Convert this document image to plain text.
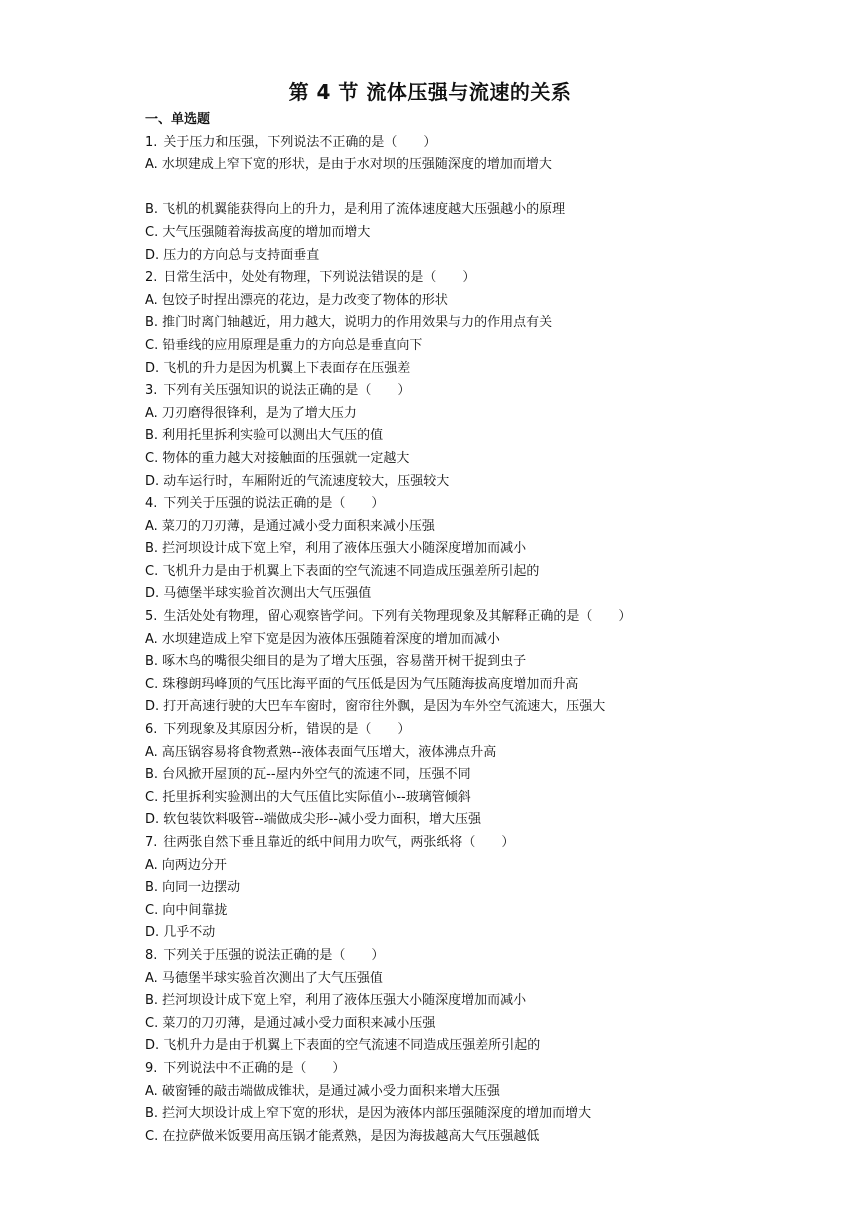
第 4 节 流体压强与流速的关系
一、单选题
1. 关于压力和压强，下列说法不正确的是（　　）
A. 水坝建成上窄下宽的形状，是由于水对坝的压强随深度的增加而增大
B. 飞机的机翼能获得向上的升力，是利用了流体速度越大压强越小的原理
C. 大气压强随着海拔高度的增加而增大
D. 压力的方向总与支持面垂直
2. 日常生活中，处处有物理，下列说法错误的是（　　）
A. 包饺子时捏出漂亮的花边，是力改变了物体的形状
B. 推门时离门轴越近，用力越大，说明力的作用效果与力的作用点有关
C. 铅垂线的应用原理是重力的方向总是垂直向下
D. 飞机的升力是因为机翼上下表面存在压强差
3. 下列有关压强知识的说法正确的是（　　）
A. 刀刃磨得很锋利，是为了增大压力
B. 利用托里拆利实验可以测出大气压的值
C. 物体的重力越大对接触面的压强就一定越大
D. 动车运行时，车厢附近的气流速度较大，压强较大
4. 下列关于压强的说法正确的是（　　）
A. 菜刀的刀刃薄，是通过减小受力面积来减小压强
B. 拦河坝设计成下宽上窄，利用了液体压强大小随深度增加而减小
C. 飞机升力是由于机翼上下表面的空气流速不同造成压强差所引起的
D. 马德堡半球实验首次测出大气压强值
5. 生活处处有物理，留心观察皆学问。下列有关物理现象及其解释正确的是（　　）
A. 水坝建造成上窄下宽是因为液体压强随着深度的增加而减小
B. 啄木鸟的嘴很尖细目的是为了增大压强，容易凿开树干捉到虫子
C. 珠穆朗玛峰顶的气压比海平面的气压低是因为气压随海拔高度增加而升高
D. 打开高速行驶的大巴车车窗时，窗帘往外飘，是因为车外空气流速大，压强大
6. 下列现象及其原因分析，错误的是（　　）
A. 高压锅容易将食物煮熟--液体表面气压增大，液体沸点升高
B. 台风掀开屋顶的瓦--屋内外空气的流速不同，压强不同
C. 托里拆利实验测出的大气压值比实际值小--玻璃管倾斜
D. 软包装饮料吸管--端做成尖形--减小受力面积，增大压强
7. 往两张自然下垂且靠近的纸中间用力吹气，两张纸将（　　）
A. 向两边分开
B. 向同一边摆动
C. 向中间靠拢
D. 几乎不动
8. 下列关于压强的说法正确的是（　　）
A. 马德堡半球实验首次测出了大气压强值
B. 拦河坝设计成下宽上窄，利用了液体压强大小随深度增加而减小
C. 菜刀的刀刃薄，是通过减小受力面积来减小压强
D. 飞机升力是由于机翼上下表面的空气流速不同造成压强差所引起的
9. 下列说法中不正确的是（　　）
A. 破窗锤的敲击端做成锥状，是通过减小受力面积来增大压强
B. 拦河大坝设计成上窄下宽的形状，是因为液体内部压强随深度的增加而增大
C. 在拉萨做米饭要用高压锅才能煮熟，是因为海拔越高大气压强越低
